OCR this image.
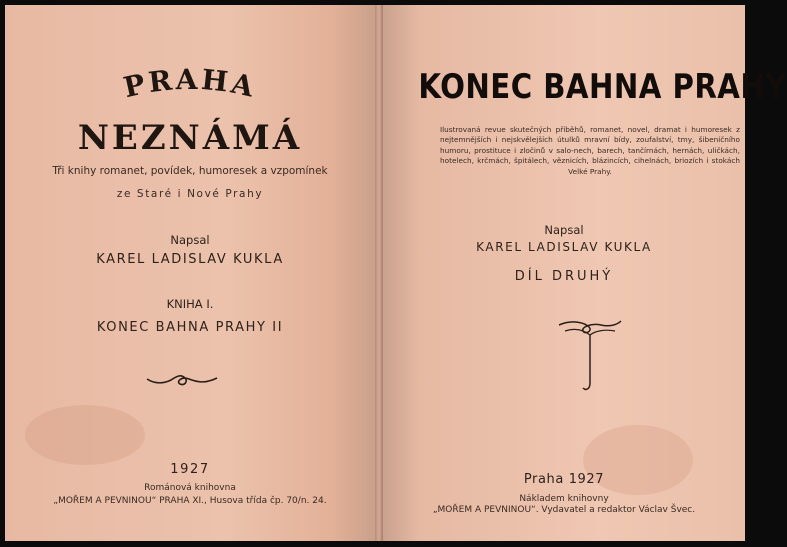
PRAHA
NEZNÁMÁ
Tři knihy romanet, povídek, humoresek a vzpomínek
ze Staré i Nové Prahy
Napsal
KAREL LADISLAV KUKLA
KNIHA I.
KONEC BAHNA PRAHY II
1927
Románová knihovna
„MOŘEM A PEVNINOU“ PRAHA XI., Husova třída čp. 70/n. 24.
KONEC BAHNA PRAHY
Ilustrovaná revue skutečných příběhů, romanet, novel, dramat i humoresek z nejtemnějších i nejskvělejších útulků mravní bídy, zoufalství, tmy, šibeničního humoru, prostituce i zločinů v salo-nech, barech, tančírnách, hernách, uličkách, hotelech, krčmách, špitálech, věznicích, blázincích, cihelnách, briozích i stokách Velké Prahy.
Napsal
KAREL LADISLAV KUKLA
DÍL DRUHÝ
Praha 1927
Nákladem knihovny
„MOŘEM A PEVNINOU“. Vydavatel a redaktor Václav Švec.
